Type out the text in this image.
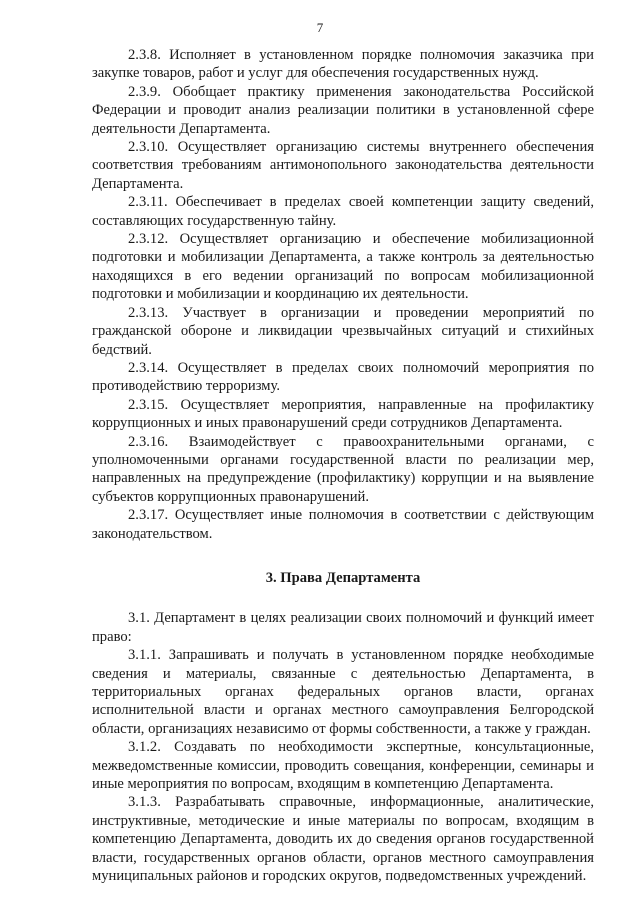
7

2.3.8. Исполняет в установленном порядке полномочия заказчика при закупке товаров, работ и услуг для обеспечения государственных нужд.

2.3.9. Обобщает практику применения законодательства Российской Федерации и проводит анализ реализации политики в установленной сфере деятельности Департамента.

2.3.10. Осуществляет организацию системы внутреннего обеспечения соответствия требованиям антимонопольного законодательства деятельности Департамента.

2.3.11. Обеспечивает в пределах своей компетенции защиту сведений, составляющих государственную тайну.

2.3.12. Осуществляет организацию и обеспечение мобилизационной подготовки и мобилизации Департамента, а также контроль за деятельностью находящихся в его ведении организаций по вопросам мобилизационной подготовки и мобилизации и координацию их деятельности.

2.3.13. Участвует в организации и проведении мероприятий по гражданской обороне и ликвидации чрезвычайных ситуаций и стихийных бедствий.

2.3.14. Осуществляет в пределах своих полномочий мероприятия по противодействию терроризму.

2.3.15. Осуществляет мероприятия, направленные на профилактику коррупционных и иных правонарушений среди сотрудников Департамента.

2.3.16. Взаимодействует с правоохранительными органами, с уполномоченными органами государственной власти по реализации мер, направленных на предупреждение (профилактику) коррупции и на выявление субъектов коррупционных правонарушений.

2.3.17. Осуществляет иные полномочия в соответствии с действующим законодательством.

3. Права Департамента

3.1. Департамент в целях реализации своих полномочий и функций имеет право:

3.1.1. Запрашивать и получать в установленном порядке необходимые сведения и материалы, связанные с деятельностью Департамента, в территориальных органах федеральных органов власти, органах исполнительной власти и органах местного самоуправления Белгородской области, организациях независимо от формы собственности, а также у граждан.

3.1.2. Создавать по необходимости экспертные, консультационные, межведомственные комиссии, проводить совещания, конференции, семинары и иные мероприятия по вопросам, входящим в компетенцию Департамента.

3.1.3. Разрабатывать справочные, информационные, аналитические, инструктивные, методические и иные материалы по вопросам, входящим в компетенцию Департамента, доводить их до сведения органов государственной власти, государственных органов области, органов местного самоуправления муниципальных районов и городских округов, подведомственных учреждений.
